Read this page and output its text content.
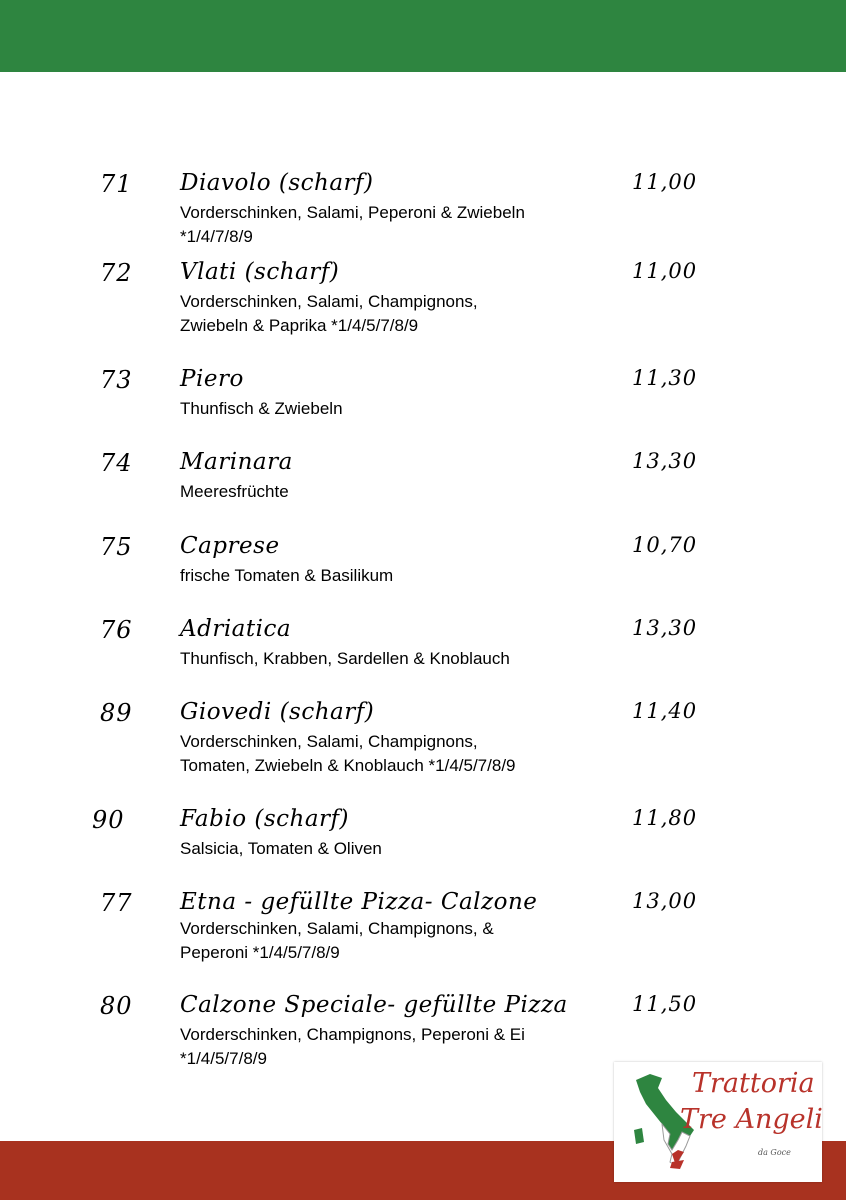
71	Diavolo (scharf)	11,00
Vorderschinken, Salami, Peperoni & Zwiebeln
*1/4/7/8/9
72	Vlati (scharf)	11,00
Vorderschinken, Salami, Champignons,
Zwiebeln & Paprika *1/4/5/7/8/9
73	Piero	11,30
Thunfisch & Zwiebeln
74	Marinara	13,30
Meeresfrüchte
75	Caprese	10,70
frische Tomaten & Basilikum
76	Adriatica	13,30
Thunfisch, Krabben, Sardellen & Knoblauch
89	Giovedi (scharf)	11,40
Vorderschinken, Salami, Champignons,
Tomaten, Zwiebeln & Knoblauch *1/4/5/7/8/9
90	Fabio (scharf)	11,80
Salsicia, Tomaten & Oliven
77	Etna - gefüllte Pizza- Calzone	13,00
Vorderschinken, Salami, Champignons, &
Peperoni *1/4/5/7/8/9
80	Calzone Speciale- gefüllte Pizza	11,50
Vorderschinken, Champignons, Peperoni & Ei
*1/4/5/7/8/9
Trattoria
Tre Angeli
da Goce
